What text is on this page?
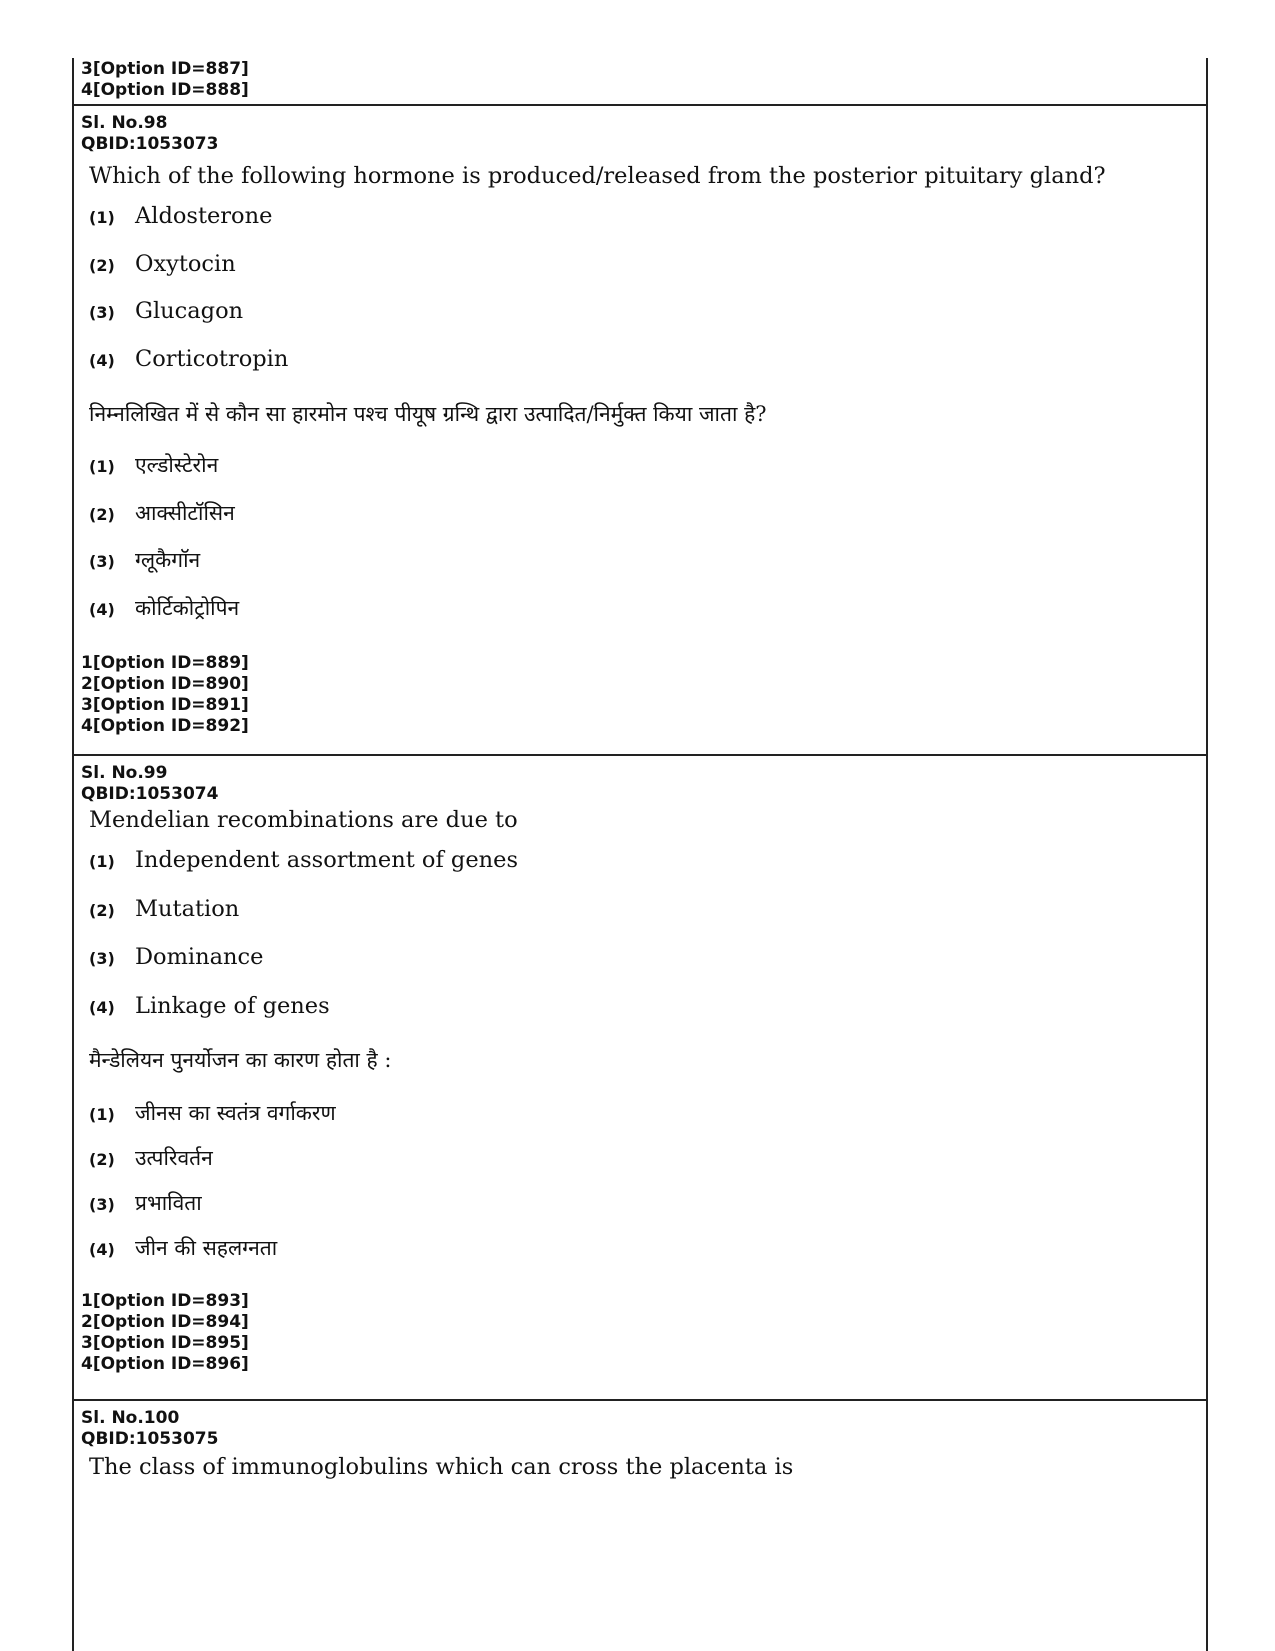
3[Option ID=887]
4[Option ID=888]
Sl. No.98
QBID:1053073

Which of the following hormone is produced/released from the posterior pituitary gland?

(1) Aldosterone
(2) Oxytocin
(3) Glucagon
(4) Corticotropin

निम्नलिखित में से कौन सा हारमोन पश्च पीयूष ग्रन्थि द्वारा उत्पादित/निर्मुक्त किया जाता है?

(1) एल्डोस्टेरोन
(2) आक्सीटॉसिन
(3) ग्लूकैगॉन
(4) कोर्टिकोट्रोपिन
1[Option ID=889]
2[Option ID=890]
3[Option ID=891]
4[Option ID=892]
Sl. No.99
QBID:1053074

Mendelian recombinations are due to

(1) Independent assortment of genes
(2) Mutation
(3) Dominance
(4) Linkage of genes

मैन्डेलियन पुनर्योजन का कारण होता है :

(1) जीनस का स्वतंत्र वर्गाकरण
(2) उत्परिवर्तन
(3) प्रभाविता
(4) जीन की सहलग्नता
1[Option ID=893]
2[Option ID=894]
3[Option ID=895]
4[Option ID=896]
Sl. No.100
QBID:1053075

The class of immunoglobulins which can cross the placenta is
